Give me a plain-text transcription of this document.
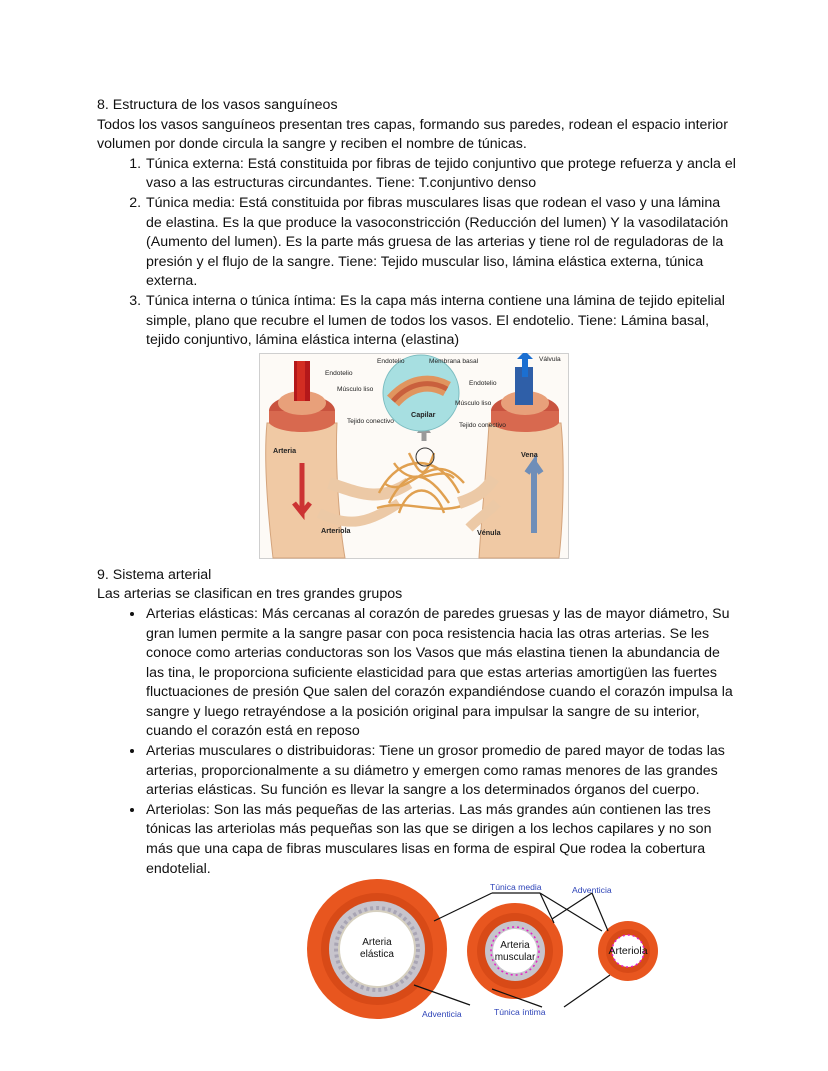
8. Estructura de los vasos sanguíneos

Todos los vasos sanguíneos presentan tres capas, formando sus paredes, rodean el espacio interior volumen por donde circula la sangre y reciben el nombre de túnicas.

1. Túnica externa: Está constituida por fibras de tejido conjuntivo que protege refuerza y ancla el vaso a las estructuras circundantes. Tiene: T.conjuntivo denso
2. Túnica media: Está constituida por fibras musculares lisas que rodean el vaso y una lámina de elastina. Es la que produce la vasoconstricción (Reducción del lumen) Y la vasodilatación (Aumento del lumen). Es la parte más gruesa de las arterias y tiene rol de reguladoras de la presión y el flujo de la sangre. Tiene: Tejido muscular liso, lámina elástica externa, túnica externa.
3. Túnica interna o túnica íntima: Es la capa más interna contiene una lámina de tejido epitelial simple, plano que recubre el lumen de todos los vasos. El endotelio. Tiene: Lámina basal, tejido conjuntivo, lámina elástica interna (elastina)
Endotelio
Músculo liso
Tejido conectivo
Arteria
Arteriola
Endotelio	Membrana basal
Capilar
Válvula
Endotelio
Músculo liso
Tejido conectivo
Vena
Vénula

9. Sistema arterial

Las arterias se clasifican en tres grandes grupos

• Arterias elásticas: Más cercanas al corazón de paredes gruesas y las de mayor diámetro, Su gran lumen permite a la sangre pasar con poca resistencia hacia las otras arterias. Se les conoce como arterias conductoras son los Vasos que más elastina tienen la abundancia de las tina, le proporciona suficiente elasticidad para que estas arterias amortigüen las fuertes fluctuaciones de presión Que salen del corazón expandiéndose cuando el corazón impulsa la sangre y luego retrayéndose a la posición original para impulsar la sangre de su interior, cuando el corazón está en reposo
• Arterias musculares o distribuidoras: Tiene un grosor promedio de pared mayor de todas las arterias, proporcionalmente a su diámetro y emergen como ramas menores de las grandes arterias elásticas. Su función es llevar la sangre a los determinados órganos del cuerpo.
• Arteriolas: Son las más pequeñas de las arterias. Las más grandes aún contienen las tres tónicas las arteriolas más pequeñas son las que se dirigen a los lechos capilares y no son más que una capa de fibras musculares lisas en forma de espiral Que rodea la cobertura endotelial.
Túnica media	Adventicia
Adventicia	Túnica íntima
Arteria
elástica
Arteria
muscular
Arteriola
